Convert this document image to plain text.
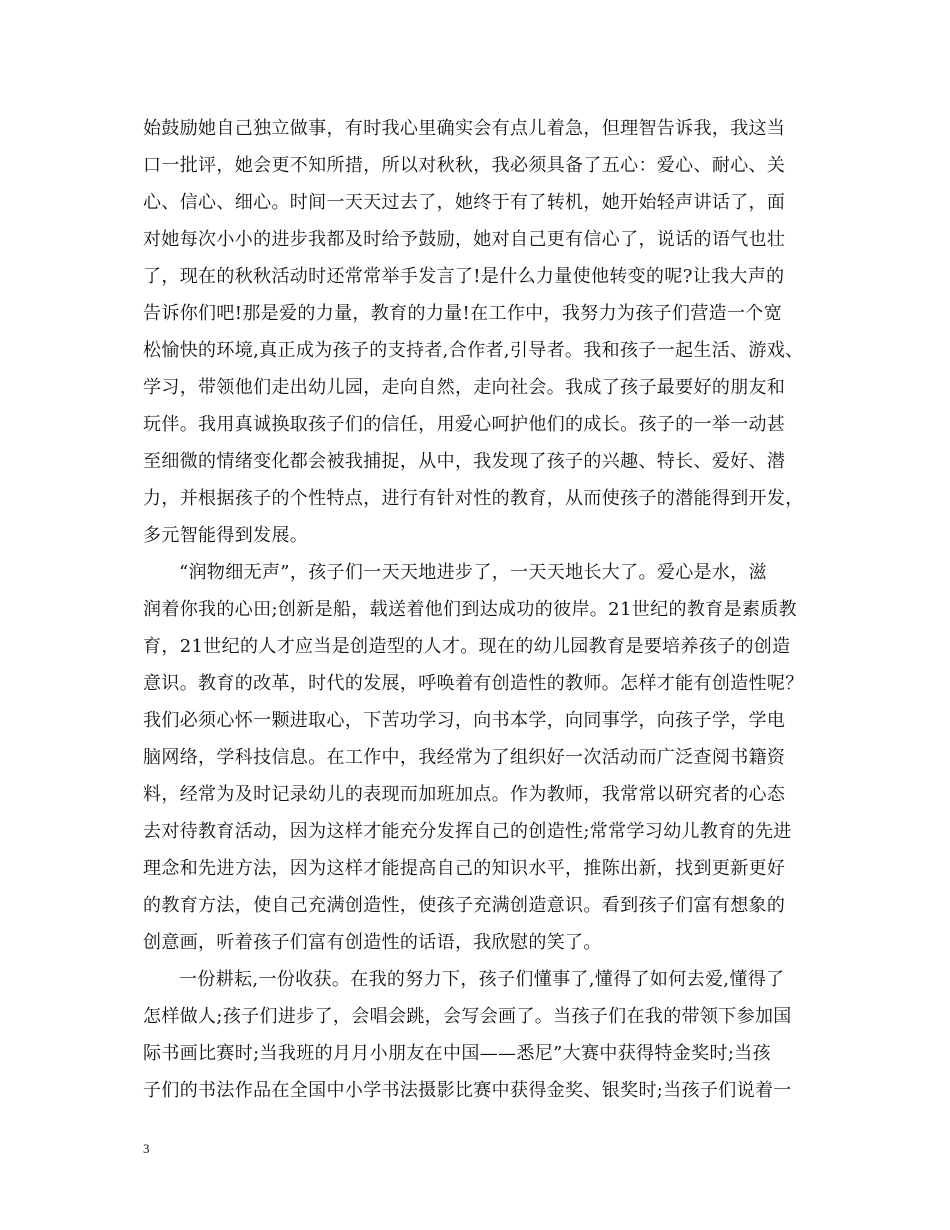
始鼓励她自己独立做事，有时我心里确实会有点儿着急，但理智告诉我，我这当
口一批评，她会更不知所措，所以对秋秋，我必须具备了五心：爱心、耐心、关
心、信心、细心。时间一天天过去了，她终于有了转机，她开始轻声讲话了，面
对她每次小小的进步我都及时给予鼓励，她对自己更有信心了，说话的语气也壮
了，现在的秋秋活动时还常常举手发言了!是什么力量使他转变的呢?让我大声的
告诉你们吧!那是爱的力量，教育的力量!在工作中，我努力为孩子们营造一个宽
松愉快的环境,真正成为孩子的支持者,合作者,引导者。我和孩子一起生活、游戏、
学习，带领他们走出幼儿园，走向自然，走向社会。我成了孩子最要好的朋友和
玩伴。我用真诚换取孩子们的信任，用爱心呵护他们的成长。孩子的一举一动甚
至细微的情绪变化都会被我捕捉，从中，我发现了孩子的兴趣、特长、爱好、潜
力，并根据孩子的个性特点，进行有针对性的教育，从而使孩子的潜能得到开发，
多元智能得到发展。
“润物细无声”，孩子们一天天地进步了，一天天地长大了。爱心是水，滋
润着你我的心田;创新是船，载送着他们到达成功的彼岸。21世纪的教育是素质教
育，21世纪的人才应当是创造型的人才。现在的幼儿园教育是要培养孩子的创造
意识。教育的改革，时代的发展，呼唤着有创造性的教师。怎样才能有创造性呢？
我们必须心怀一颗进取心，下苦功学习，向书本学，向同事学，向孩子学，学电
脑网络，学科技信息。在工作中，我经常为了组织好一次活动而广泛查阅书籍资
料，经常为及时记录幼儿的表现而加班加点。作为教师，我常常以研究者的心态
去对待教育活动，因为这样才能充分发挥自己的创造性;常常学习幼儿教育的先进
理念和先进方法，因为这样才能提高自己的知识水平，推陈出新，找到更新更好
的教育方法，使自己充满创造性，使孩子充满创造意识。看到孩子们富有想象的
创意画，听着孩子们富有创造性的话语，我欣慰的笑了。
一份耕耘,一份收获。在我的努力下，孩子们懂事了,懂得了如何去爱,懂得了
怎样做人;孩子们进步了，会唱会跳，会写会画了。当孩子们在我的带领下参加国
际书画比赛时;当我班的月月小朋友在中国——悉尼”大赛中获得特金奖时;当孩
子们的书法作品在全国中小学书法摄影比赛中获得金奖、银奖时;当孩子们说着一
3
